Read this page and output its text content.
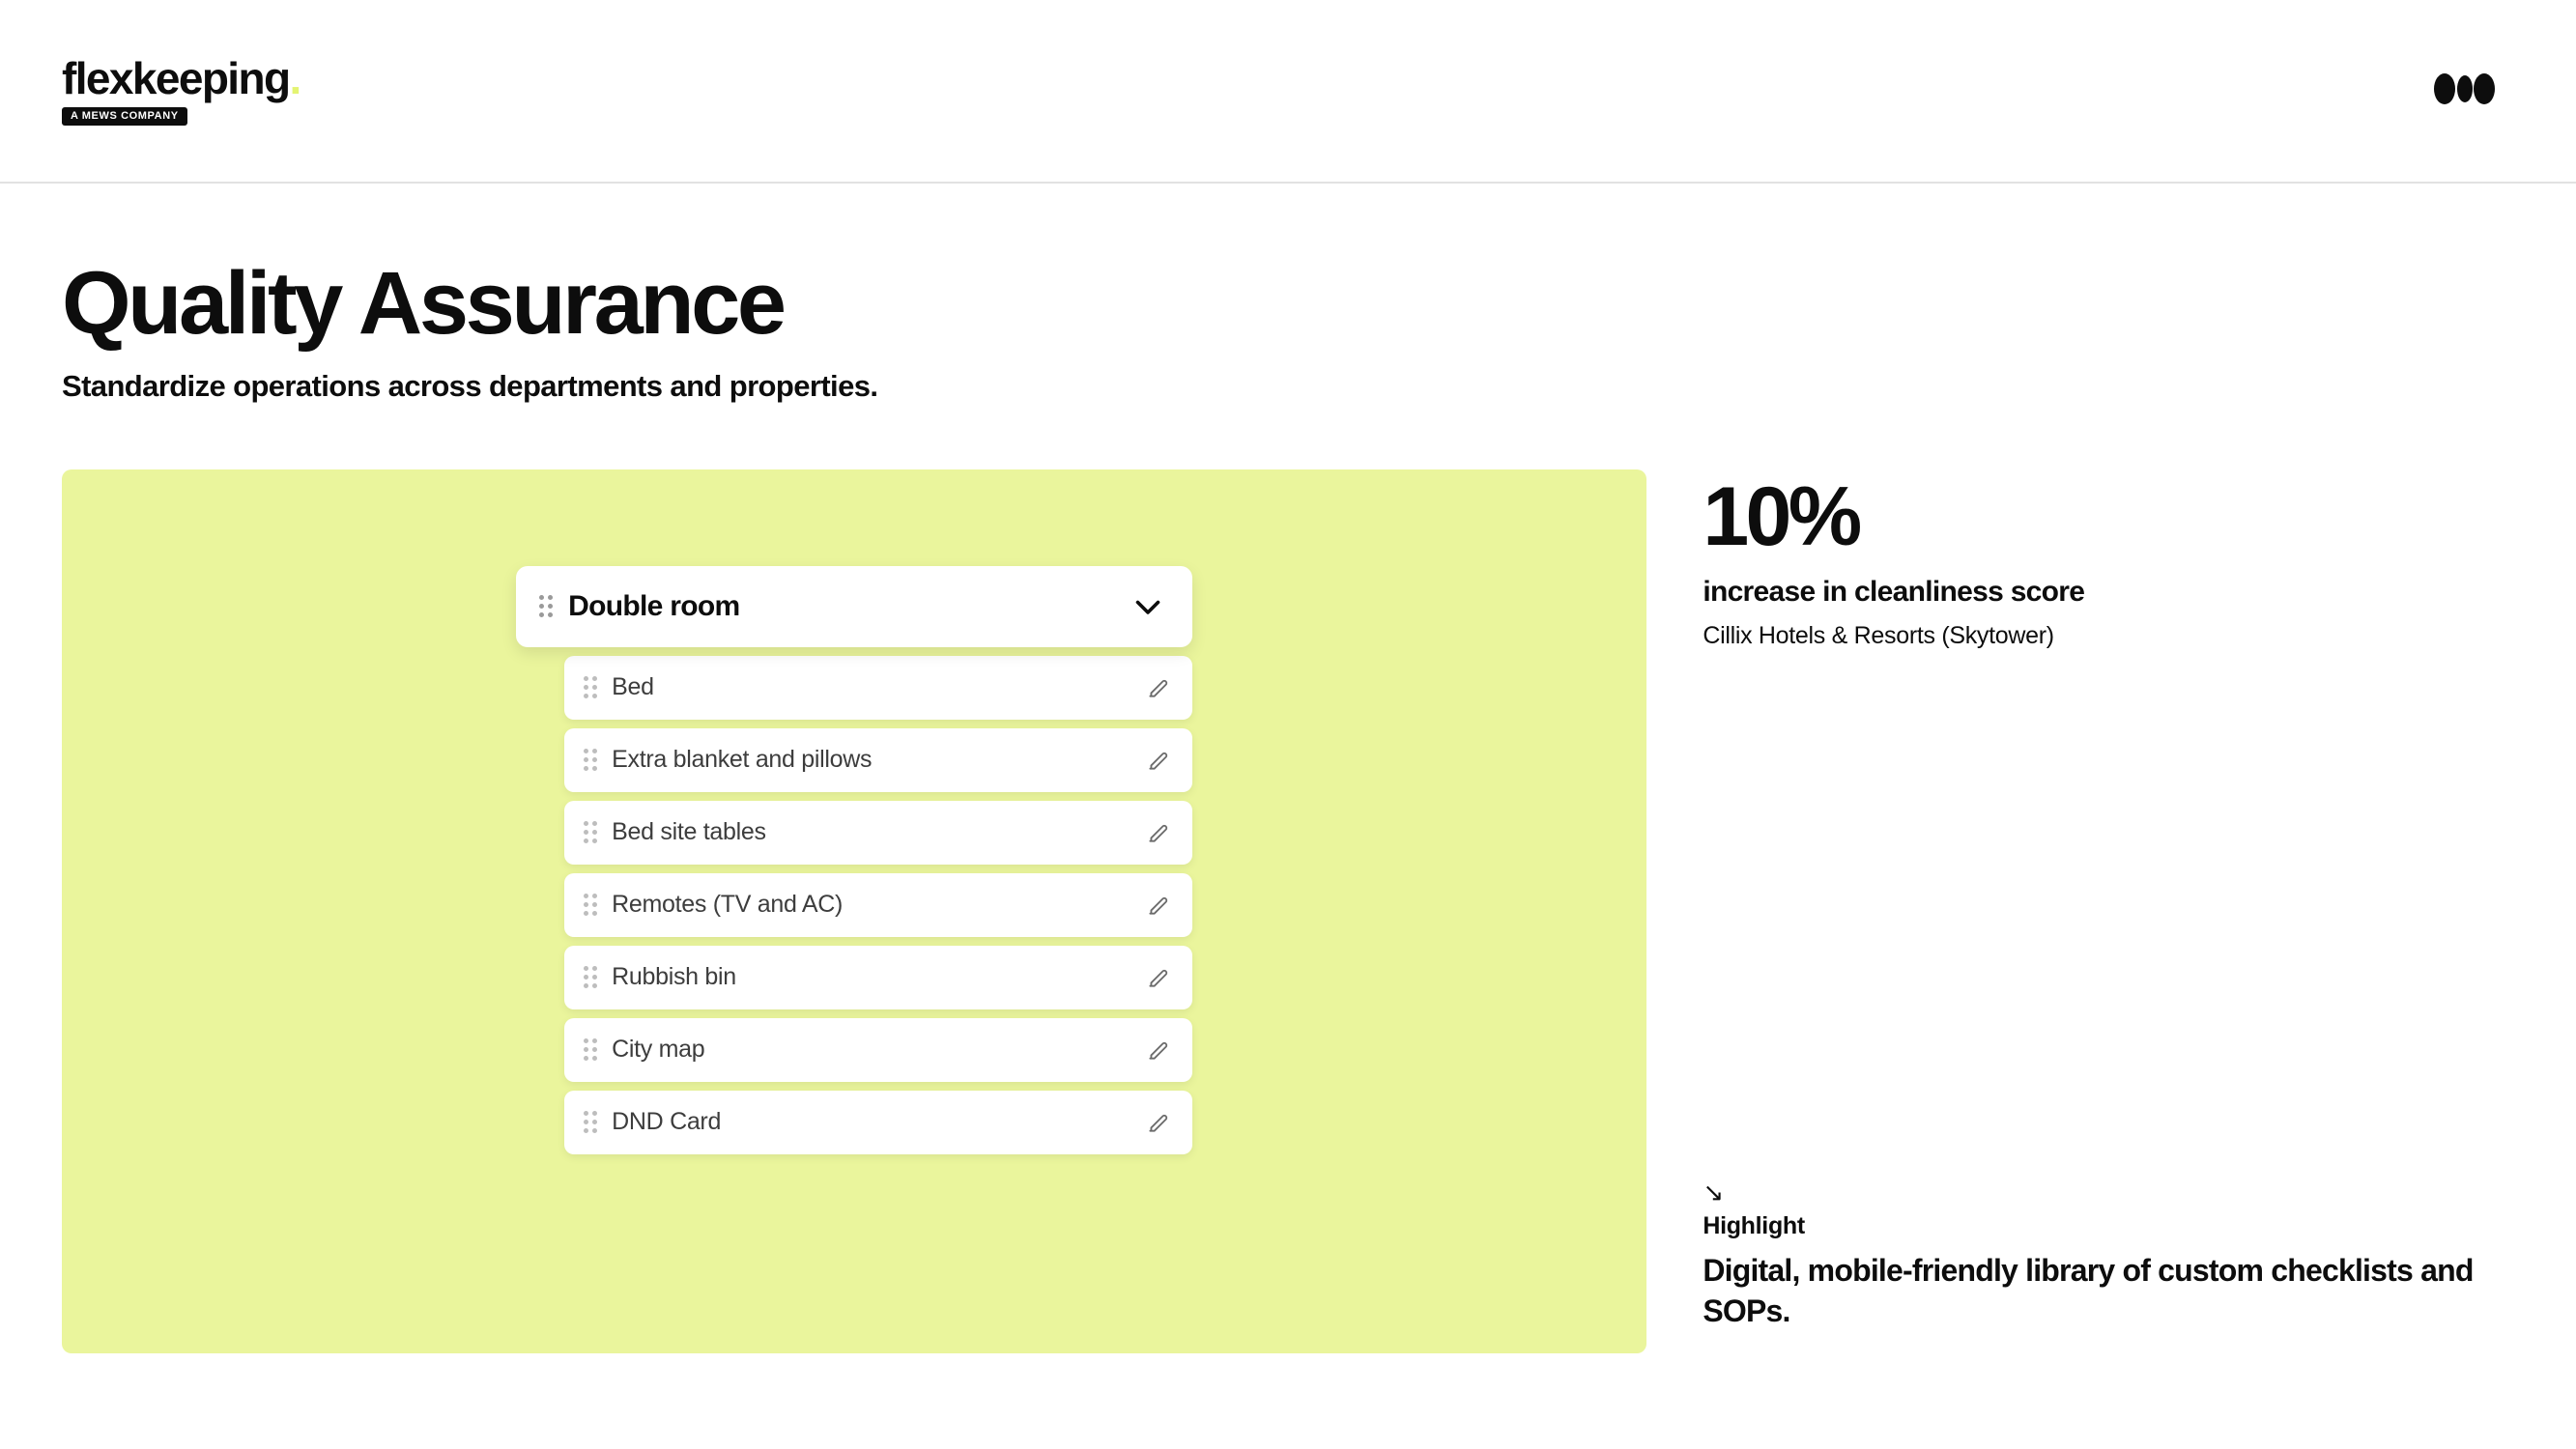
flexkeeping.
A MEWS COMPANY
Quality Assurance
Standardize operations across departments and properties.
Double room
Bed
Extra blanket and pillows
Bed site tables
Remotes (TV and AC)
Rubbish bin
City map
DND Card
10%
increase in cleanliness score
Cillix Hotels & Resorts (Skytower)
↘
Highlight
Digital, mobile-friendly library of custom checklists and SOPs.
